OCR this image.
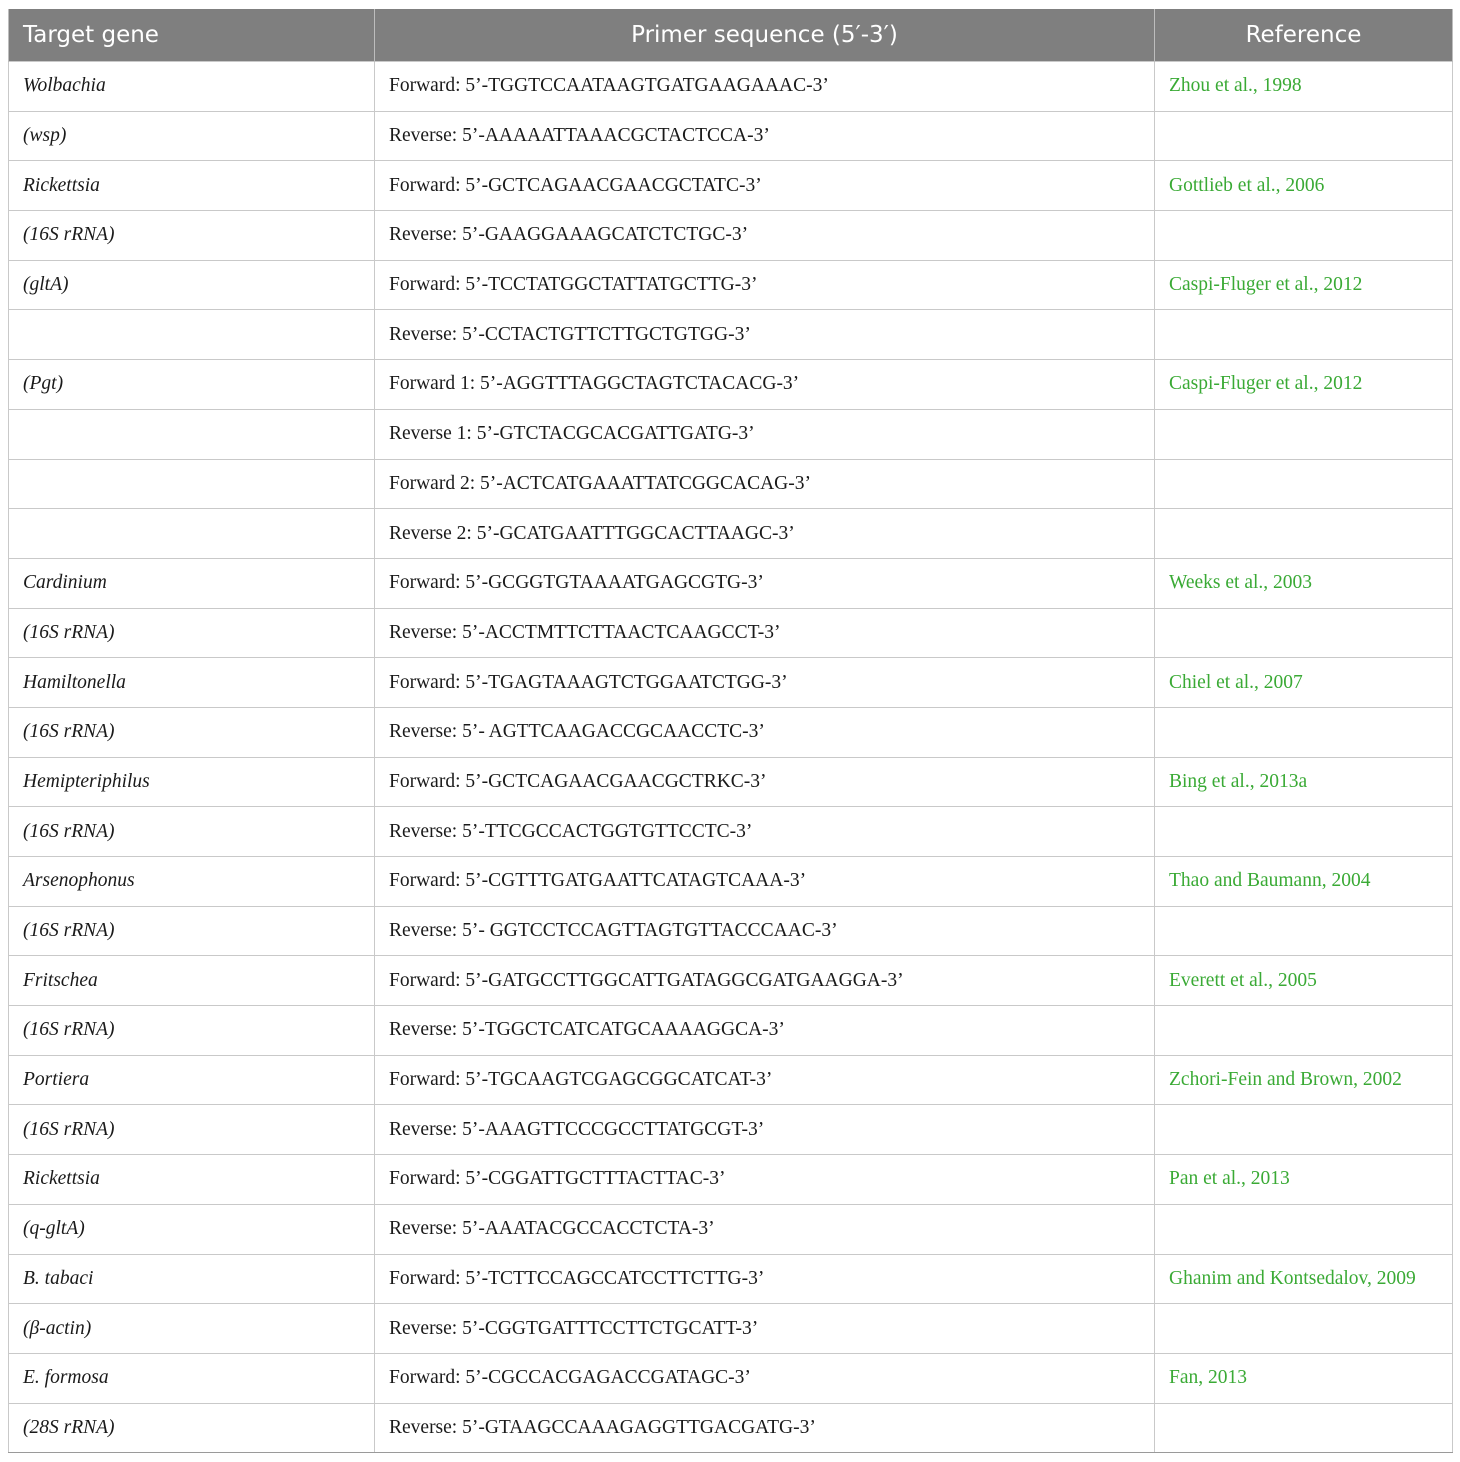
Target gene	Primer sequence (5′-3′)	Reference
Wolbachia	Forward: 5’-TGGTCCAATAAGTGATGAAGAAAC-3’	Zhou et al., 1998
(wsp)	Reverse: 5’-AAAAATTAAACGCTACTCCA-3’	
Rickettsia	Forward: 5’-GCTCAGAACGAACGCTATC-3’	Gottlieb et al., 2006
(16S rRNA)	Reverse: 5’-GAAGGAAAGCATCTCTGC-3’	
(gltA)	Forward: 5’-TCCTATGGCTATTATGCTTG-3’	Caspi-Fluger et al., 2012
	Reverse: 5’-CCTACTGTTCTTGCTGTGG-3’	
(Pgt)	Forward 1: 5’-AGGTTTAGGCTAGTCTACACG-3’	Caspi-Fluger et al., 2012
	Reverse 1: 5’-GTCTACGCACGATTGATG-3’	
	Forward 2: 5’-ACTCATGAAATTATCGGCACAG-3’	
	Reverse 2: 5’-GCATGAATTTGGCACTTAAGC-3’	
Cardinium	Forward: 5’-GCGGTGTAAAATGAGCGTG-3’	Weeks et al., 2003
(16S rRNA)	Reverse: 5’-ACCTMTTCTTAACTCAAGCCT-3’	
Hamiltonella	Forward: 5’-TGAGTAAAGTCTGGAATCTGG-3’	Chiel et al., 2007
(16S rRNA)	Reverse: 5’- AGTTCAAGACCGCAACCTC-3’	
Hemipteriphilus	Forward: 5’-GCTCAGAACGAACGCTRKC-3’	Bing et al., 2013a
(16S rRNA)	Reverse: 5’-TTCGCCACTGGTGTTCCTC-3’	
Arsenophonus	Forward: 5’-CGTTTGATGAATTCATAGTCAAA-3’	Thao and Baumann, 2004
(16S rRNA)	Reverse: 5’- GGTCCTCCAGTTAGTGTTACCCAAC-3’	
Fritschea	Forward: 5’-GATGCCTTGGCATTGATAGGCGATGAAGGA-3’	Everett et al., 2005
(16S rRNA)	Reverse: 5’-TGGCTCATCATGCAAAAGGCA-3’	
Portiera	Forward: 5’-TGCAAGTCGAGCGGCATCAT-3’	Zchori-Fein and Brown, 2002
(16S rRNA)	Reverse: 5’-AAAGTTCCCGCCTTATGCGT-3’	
Rickettsia	Forward: 5’-CGGATTGCTTTACTTAC-3’	Pan et al., 2013
(q-gltA)	Reverse: 5’-AAATACGCCACCTCTA-3’	
B. tabaci	Forward: 5’-TCTTCCAGCCATCCTTCTTG-3’	Ghanim and Kontsedalov, 2009
(β-actin)	Reverse: 5’-CGGTGATTTCCTTCTGCATT-3’	
E. formosa	Forward: 5’-CGCCACGAGACCGATAGC-3’	Fan, 2013
(28S rRNA)	Reverse: 5’-GTAAGCCAAAGAGGTTGACGATG-3’	
